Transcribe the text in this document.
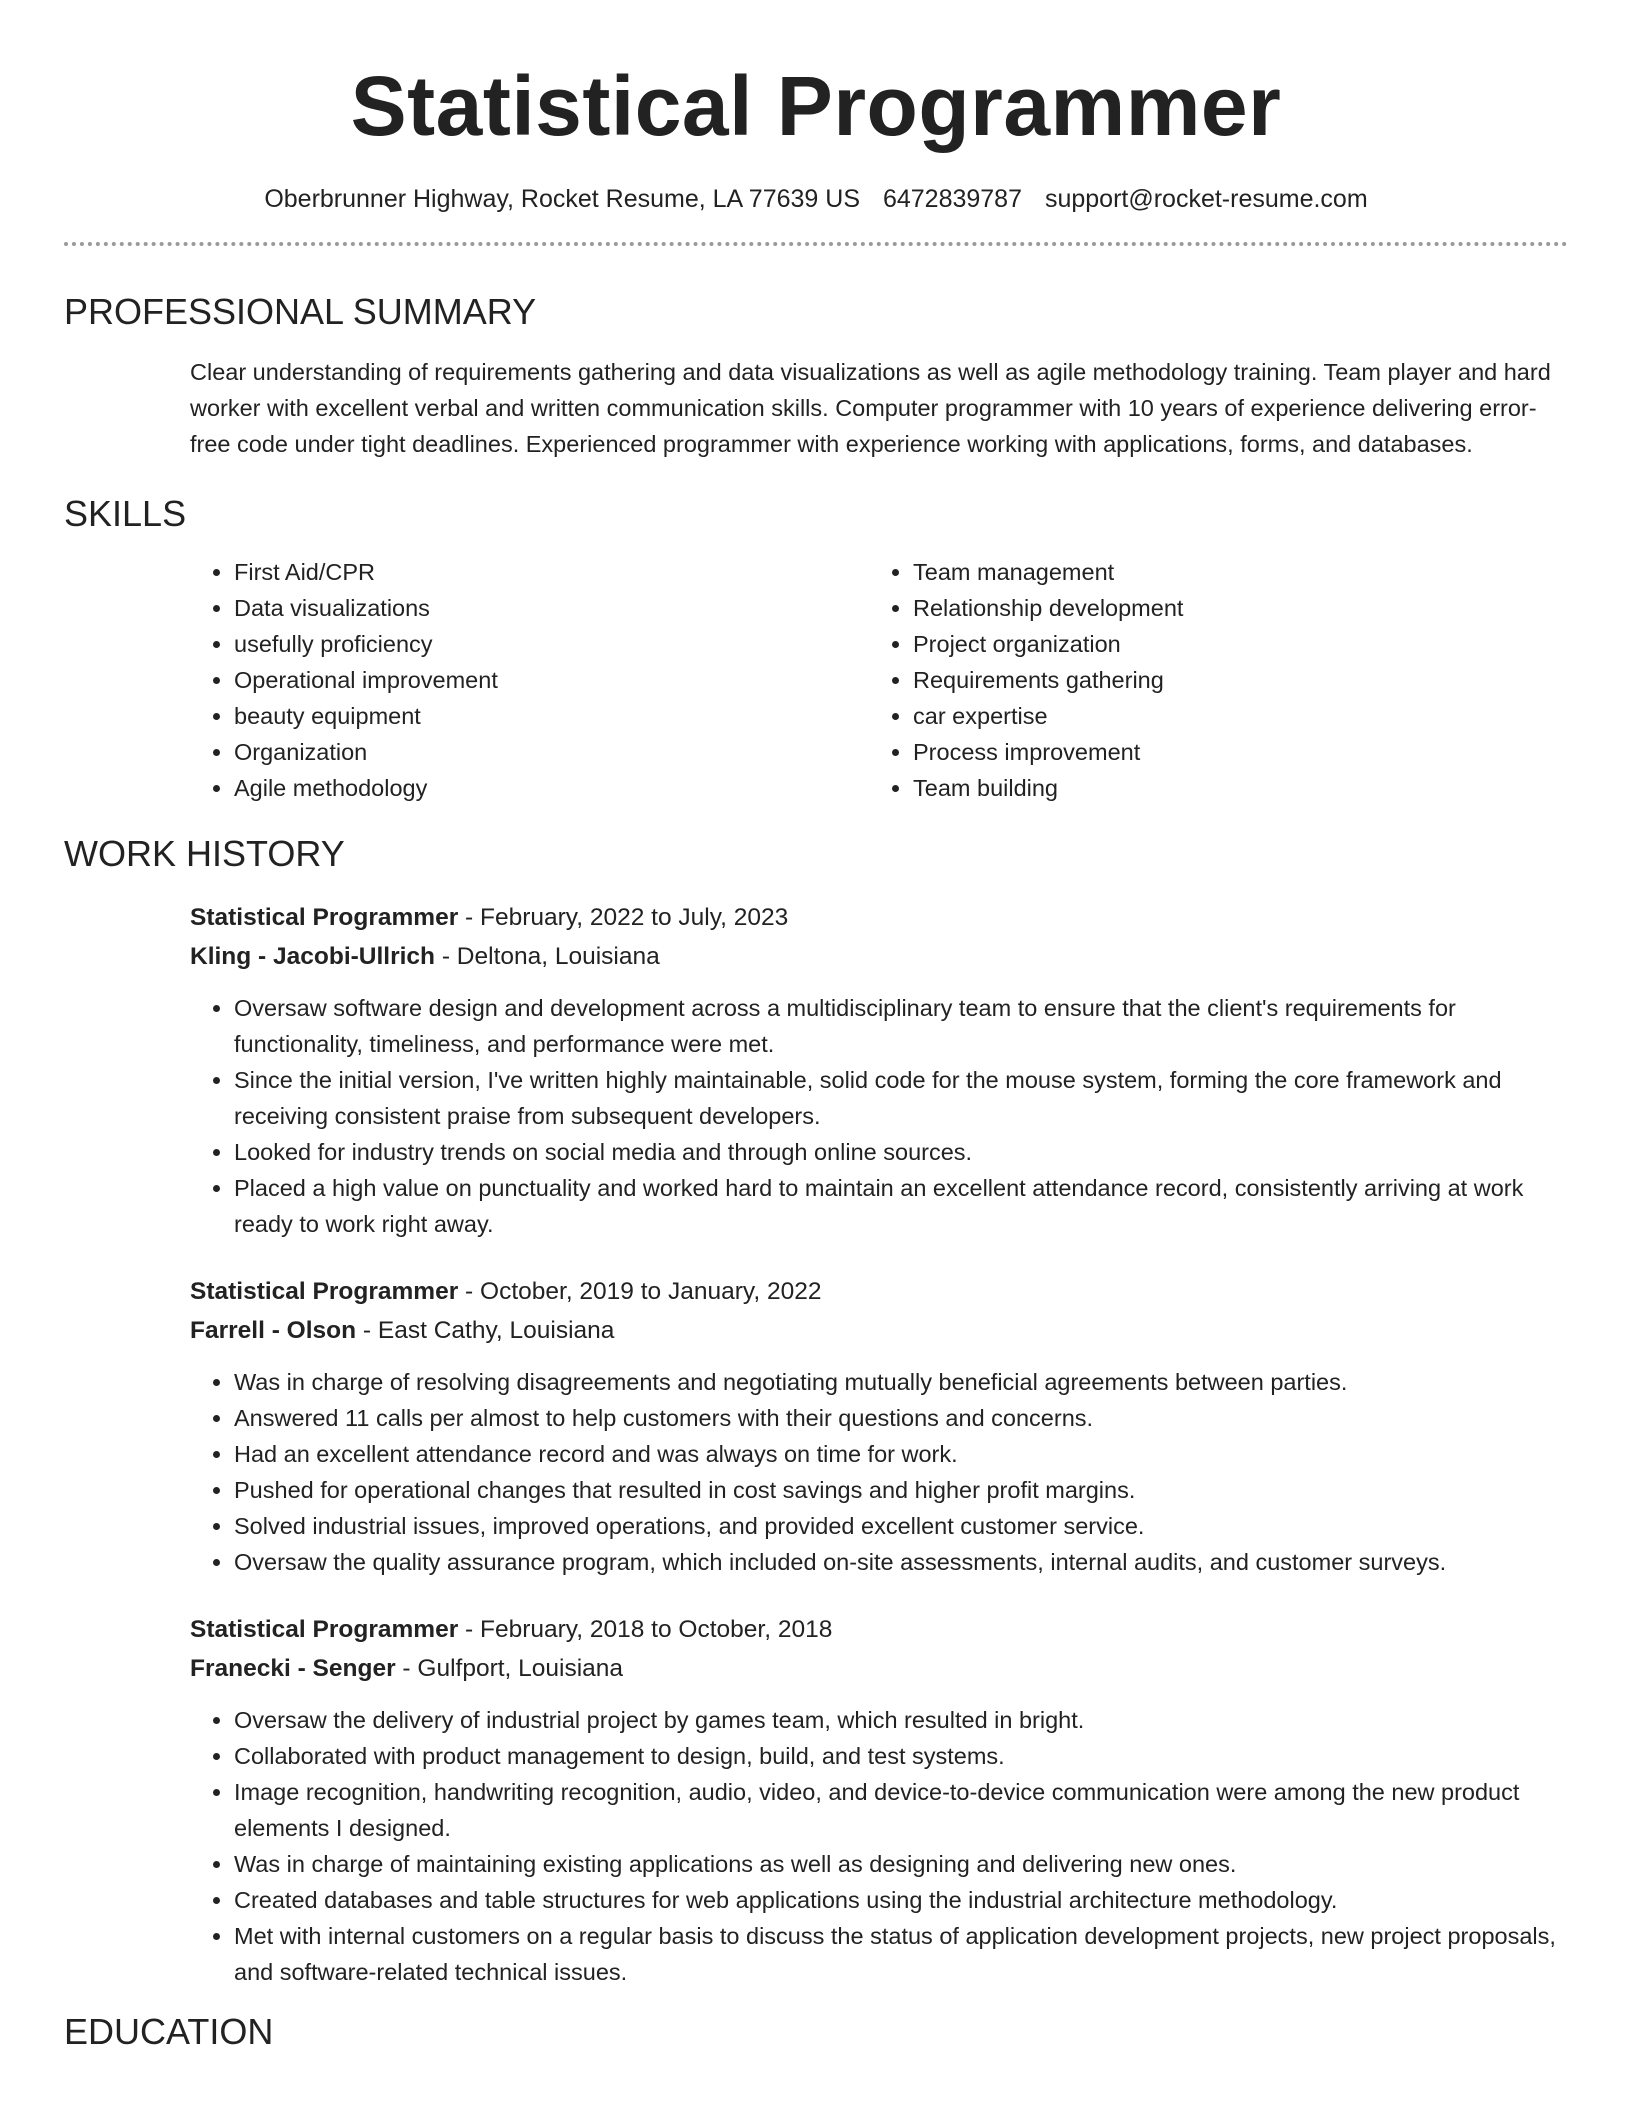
Statistical Programmer
Oberbrunner Highway, Rocket Resume, LA 77639 US 6472839787 support@rocket-resume.com
PROFESSIONAL SUMMARY

Clear understanding of requirements gathering and data visualizations as well as agile methodology training. Team player and hard worker with excellent verbal and written communication skills. Computer programmer with 10 years of experience delivering error-free code under tight deadlines. Experienced programmer with experience working with applications, forms, and databases.

SKILLS
• First Aid/CPR
• Data visualizations
• usefully proficiency
• Operational improvement
• beauty equipment
• Organization
• Agile methodology
• Team management
• Relationship development
• Project organization
• Requirements gathering
• car expertise
• Process improvement
• Team building
WORK HISTORY
Statistical Programmer - February, 2022 to July, 2023
Kling - Jacobi-Ullrich - Deltona, Louisiana
• Oversaw software design and development across a multidisciplinary team to ensure that the client's requirements for functionality, timeliness, and performance were met.
• Since the initial version, I've written highly maintainable, solid code for the mouse system, forming the core framework and receiving consistent praise from subsequent developers.
• Looked for industry trends on social media and through online sources.
• Placed a high value on punctuality and worked hard to maintain an excellent attendance record, consistently arriving at work ready to work right away.
Statistical Programmer - October, 2019 to January, 2022
Farrell - Olson - East Cathy, Louisiana
• Was in charge of resolving disagreements and negotiating mutually beneficial agreements between parties.
• Answered 11 calls per almost to help customers with their questions and concerns.
• Had an excellent attendance record and was always on time for work.
• Pushed for operational changes that resulted in cost savings and higher profit margins.
• Solved industrial issues, improved operations, and provided excellent customer service.
• Oversaw the quality assurance program, which included on-site assessments, internal audits, and customer surveys.
Statistical Programmer - February, 2018 to October, 2018
Franecki - Senger - Gulfport, Louisiana
• Oversaw the delivery of industrial project by games team, which resulted in bright.
• Collaborated with product management to design, build, and test systems.
• Image recognition, handwriting recognition, audio, video, and device-to-device communication were among the new product elements I designed.
• Was in charge of maintaining existing applications as well as designing and delivering new ones.
• Created databases and table structures for web applications using the industrial architecture methodology.
• Met with internal customers on a regular basis to discuss the status of application development projects, new project proposals, and software-related technical issues.
EDUCATION
